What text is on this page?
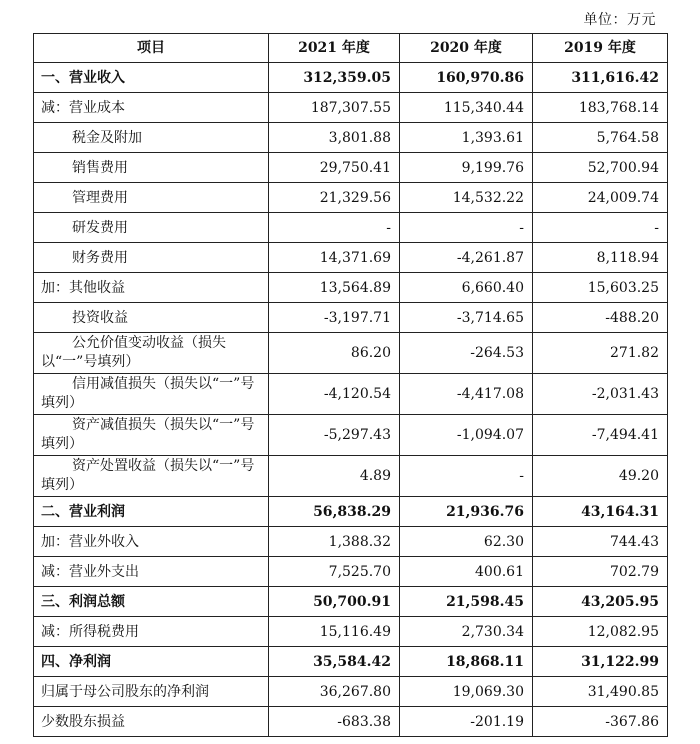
单位：万元
项目	2021 年度	2020 年度	2019 年度
一、营业收入	312,359.05	160,970.86	311,616.42
减：营业成本	187,307.55	115,340.44	183,768.14
税金及附加	3,801.88	1,393.61	5,764.58
销售费用	29,750.41	9,199.76	52,700.94
管理费用	21,329.56	14,532.22	24,009.74
研发费用	-	-	-
财务费用	14,371.69	-4,261.87	8,118.94
加：其他收益	13,564.89	6,660.40	15,603.25
投资收益	-3,197.71	-3,714.65	-488.20
公允价值变动收益（损失以“一”号填列）	86.20	-264.53	271.82
信用减值损失（损失以“一”号填列）	-4,120.54	-4,417.08	-2,031.43
资产减值损失（损失以“一”号填列）	-5,297.43	-1,094.07	-7,494.41
资产处置收益（损失以“一”号填列）	4.89	-	49.20
二、营业利润	56,838.29	21,936.76	43,164.31
加：营业外收入	1,388.32	62.30	744.43
减：营业外支出	7,525.70	400.61	702.79
三、利润总额	50,700.91	21,598.45	43,205.95
减：所得税费用	15,116.49	2,730.34	12,082.95
四、净利润	35,584.42	18,868.11	31,122.99
归属于母公司股东的净利润	36,267.80	19,069.30	31,490.85
少数股东损益	-683.38	-201.19	-367.86
